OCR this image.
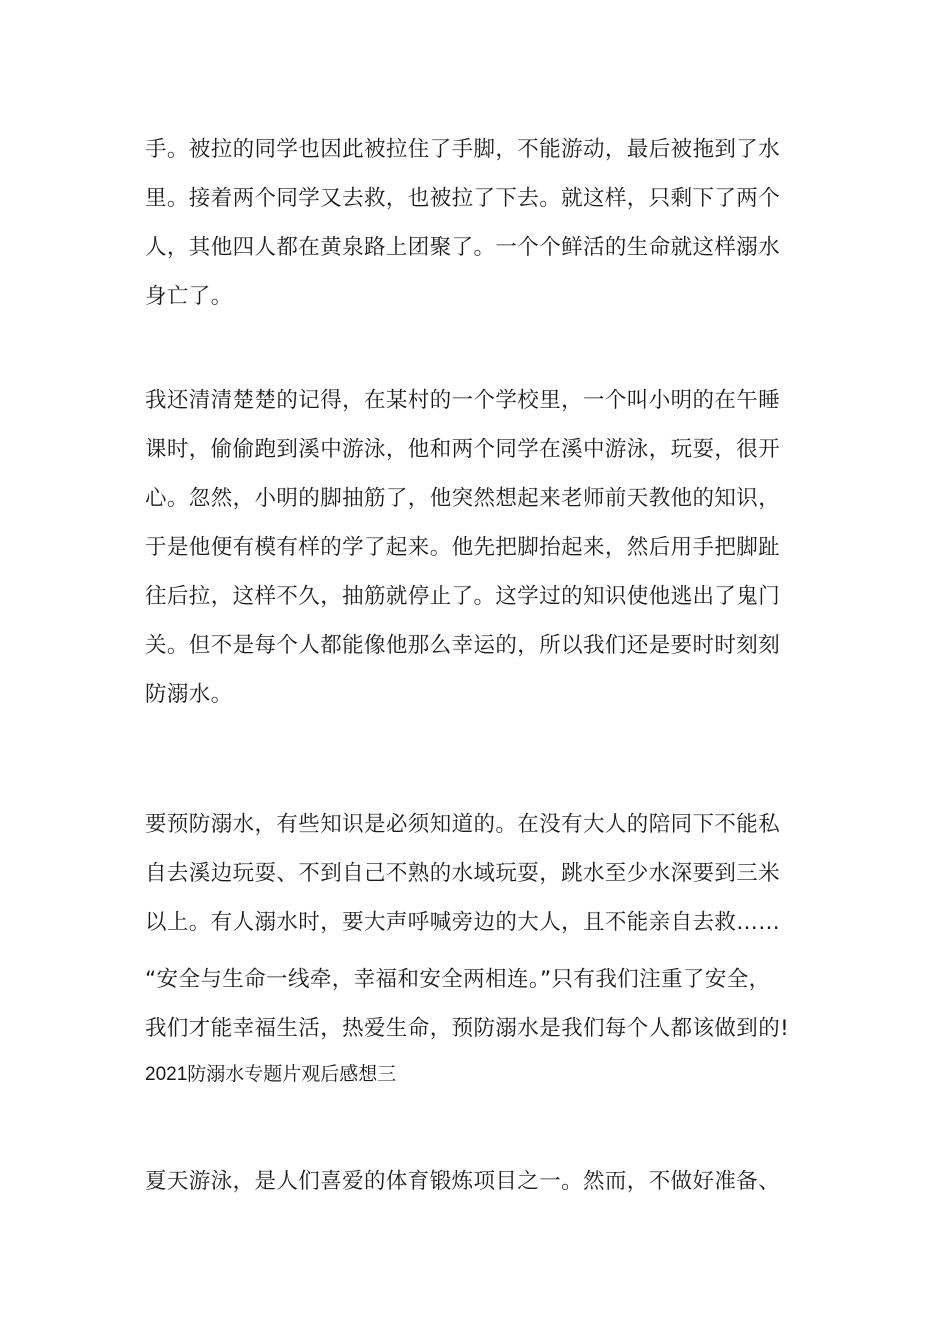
手。被拉的同学也因此被拉住了手脚，不能游动，最后被拖到了水
里。接着两个同学又去救，也被拉了下去。就这样，只剩下了两个
人，其他四人都在黄泉路上团聚了。一个个鲜活的生命就这样溺水
身亡了。
我还清清楚楚的记得，在某村的一个学校里，一个叫小明的在午睡
课时，偷偷跑到溪中游泳，他和两个同学在溪中游泳，玩耍，很开
心。忽然，小明的脚抽筋了，他突然想起来老师前天教他的知识，
于是他便有模有样的学了起来。他先把脚抬起来，然后用手把脚趾
往后拉，这样不久，抽筋就停止了。这学过的知识使他逃出了鬼门
关。但不是每个人都能像他那么幸运的，所以我们还是要时时刻刻
防溺水。
要预防溺水，有些知识是必须知道的。在没有大人的陪同下不能私
自去溪边玩耍、不到自己不熟的水域玩耍，跳水至少水深要到三米
以上。有人溺水时，要大声呼喊旁边的大人，且不能亲自去救……
“安全与生命一线牵，幸福和安全两相连。”只有我们注重了安全，
我们才能幸福生活，热爱生命，预防溺水是我们每个人都该做到的!
2021防溺水专题片观后感想三
夏天游泳，是人们喜爱的体育锻炼项目之一。然而，不做好准备、
